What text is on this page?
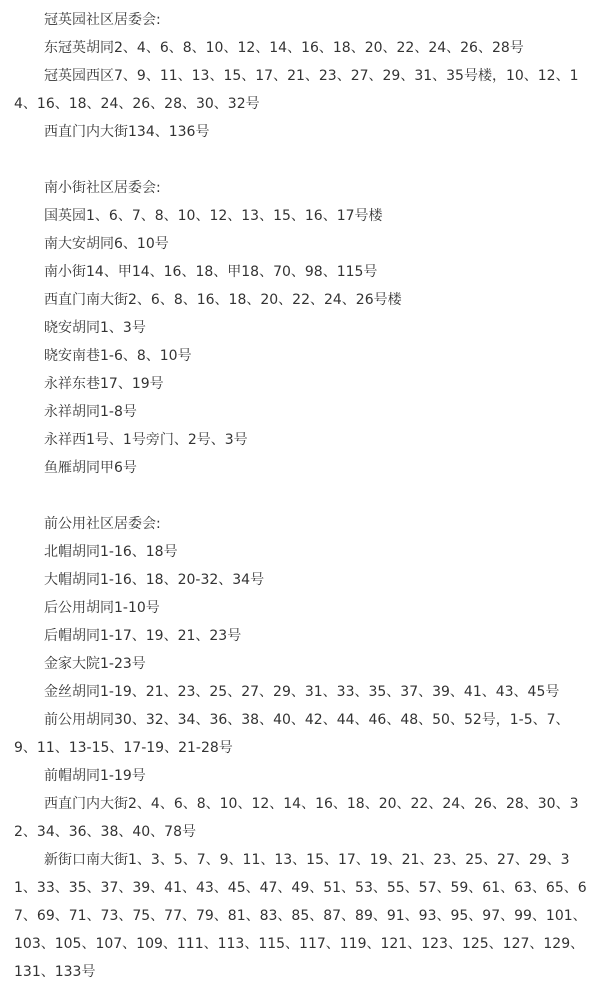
冠英园社区居委会:
东冠英胡同2、4、6、8、10、12、14、16、18、20、22、24、26、28号
冠英园西区7、9、11、13、15、17、21、23、27、29、31、35号楼，10、12、14、16、18、24、26、28、30、32号
西直门内大街134、136号
南小街社区居委会:
国英园1、6、7、8、10、12、13、15、16、17号楼
南大安胡同6、10号
南小街14、甲14、16、18、甲18、70、98、115号
西直门南大街2、6、8、16、18、20、22、24、26号楼
晓安胡同1、3号
晓安南巷1-6、8、10号
永祥东巷17、19号
永祥胡同1-8号
永祥西1号、1号旁门、2号、3号
鱼雁胡同甲6号
前公用社区居委会:
北帽胡同1-16、18号
大帽胡同1-16、18、20-32、34号
后公用胡同1-10号
后帽胡同1-17、19、21、23号
金家大院1-23号
金丝胡同1-19、21、23、25、27、29、31、33、35、37、39、41、43、45号
前公用胡同30、32、34、36、38、40、42、44、46、48、50、52号，1-5、7、9、11、13-15、17-19、21-28号
前帽胡同1-19号
西直门内大街2、4、6、8、10、12、14、16、18、20、22、24、26、28、30、32、34、36、38、40、78号
新街口南大街1、3、5、7、9、11、13、15、17、19、21、23、25、27、29、31、33、35、37、39、41、43、45、47、49、51、53、55、57、59、61、63、65、67、69、71、73、75、77、79、81、83、85、87、89、91、93、95、97、99、101、103、105、107、109、111、113、115、117、119、121、123、125、127、129、131、133号
